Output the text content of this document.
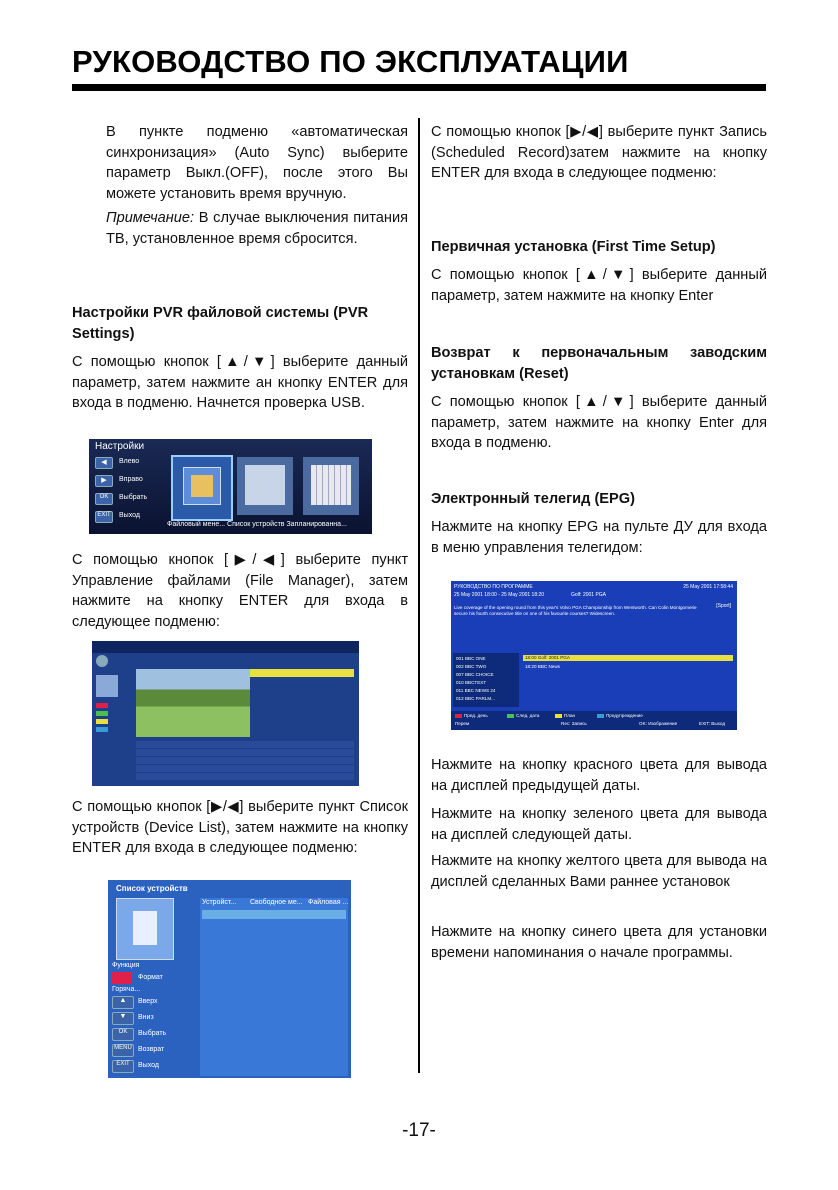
РУКОВОДСТВО ПО ЭКСПЛУАТАЦИИ
В пункте подменю «автоматическая синхронизация» (Auto Sync) выберите параметр Выкл.(OFF), после этого Вы можете установить время вручную.
Примечание: В случае выключения питания ТВ, установленное время сбросится.
Настройки PVR файловой системы (PVR Settings)
С помощью кнопок [▲/▼] выберите данный параметр, затем нажмите ан кнопку ENTER для входа в подменю. Начнется проверка USB.
С помощью кнопок [▶/◀] выберите пункт Управление файлами (File Manager), затем нажмите на кнопку ENTER для входа в следующее подменю:
С помощью кнопок [▶/◀] выберите пункт Список устройств (Device List), затем нажмите на кнопку ENTER для входа в следующее подменю:
Настройки
◀	Влево
▶	Вправо
OK	Выбрать
EXIT	Выход
Файловый мене... Список устройств Запланированна...
Список устройств
Устройст... Свободное ме... Файловая ...
Функция
Формат
Горяча...
▲	Вверх
▼	Вниз
OK	Выбрать
MENU Возврат
EXIT	Выход
С помощью кнопок [▶/◀] выберите пункт Запись (Scheduled Record)затем нажмите на кнопку ENTER для входа в следующее подменю:
Первичная установка (First Time Setup)
С помощью кнопок [▲/▼] выберите данный параметр, затем нажмите на кнопку Enter
Возврат к первоначальным заводским установкам (Reset)
С помощью кнопок [▲/▼] выберите данный параметр, затем нажмите на кнопку Enter для входа в подменю.
Электронный телегид (EPG)
Нажмите на кнопку EPG на пульте ДУ для входа в меню управления телегидом:
Нажмите на кнопку красного цвета для вывода на дисплей предыдущей даты.
Нажмите на кнопку зеленого цвета для вывода на дисплей следующей даты.
Нажмите на кнопку желтого цвета для вывода на дисплей сделанных Вами раннее установок
Нажмите на кнопку синего цвета для установки времени напоминания о начале программы.
РУКОВОДСТВО ПО ПРОГРАММЕ	25 May 2001 17:58:44
25 May 2001 18:00 - 25 May 2001 18:20	Golf: 2001 PGA
Live coverage of the opening round from this year's Volvo PGA Championship from Wentworth. Can Colin Montgomerie secure his fourth consecutive title on one of his favourite courses? Widescreen.
[Sport]
001 BBC ONE
002 BBC TWO
007 BBC CHOICE
010 BBCTEXT
011 BBC NEWS 24
012 BBC PARLM...
18:00 Golf: 2001 PGA
18:20 BBC News
Пред. день	След. дата	План	Предупреждение
Перем	Rec: Запись	OK: Изображение	EXIT: Выход
-17-
